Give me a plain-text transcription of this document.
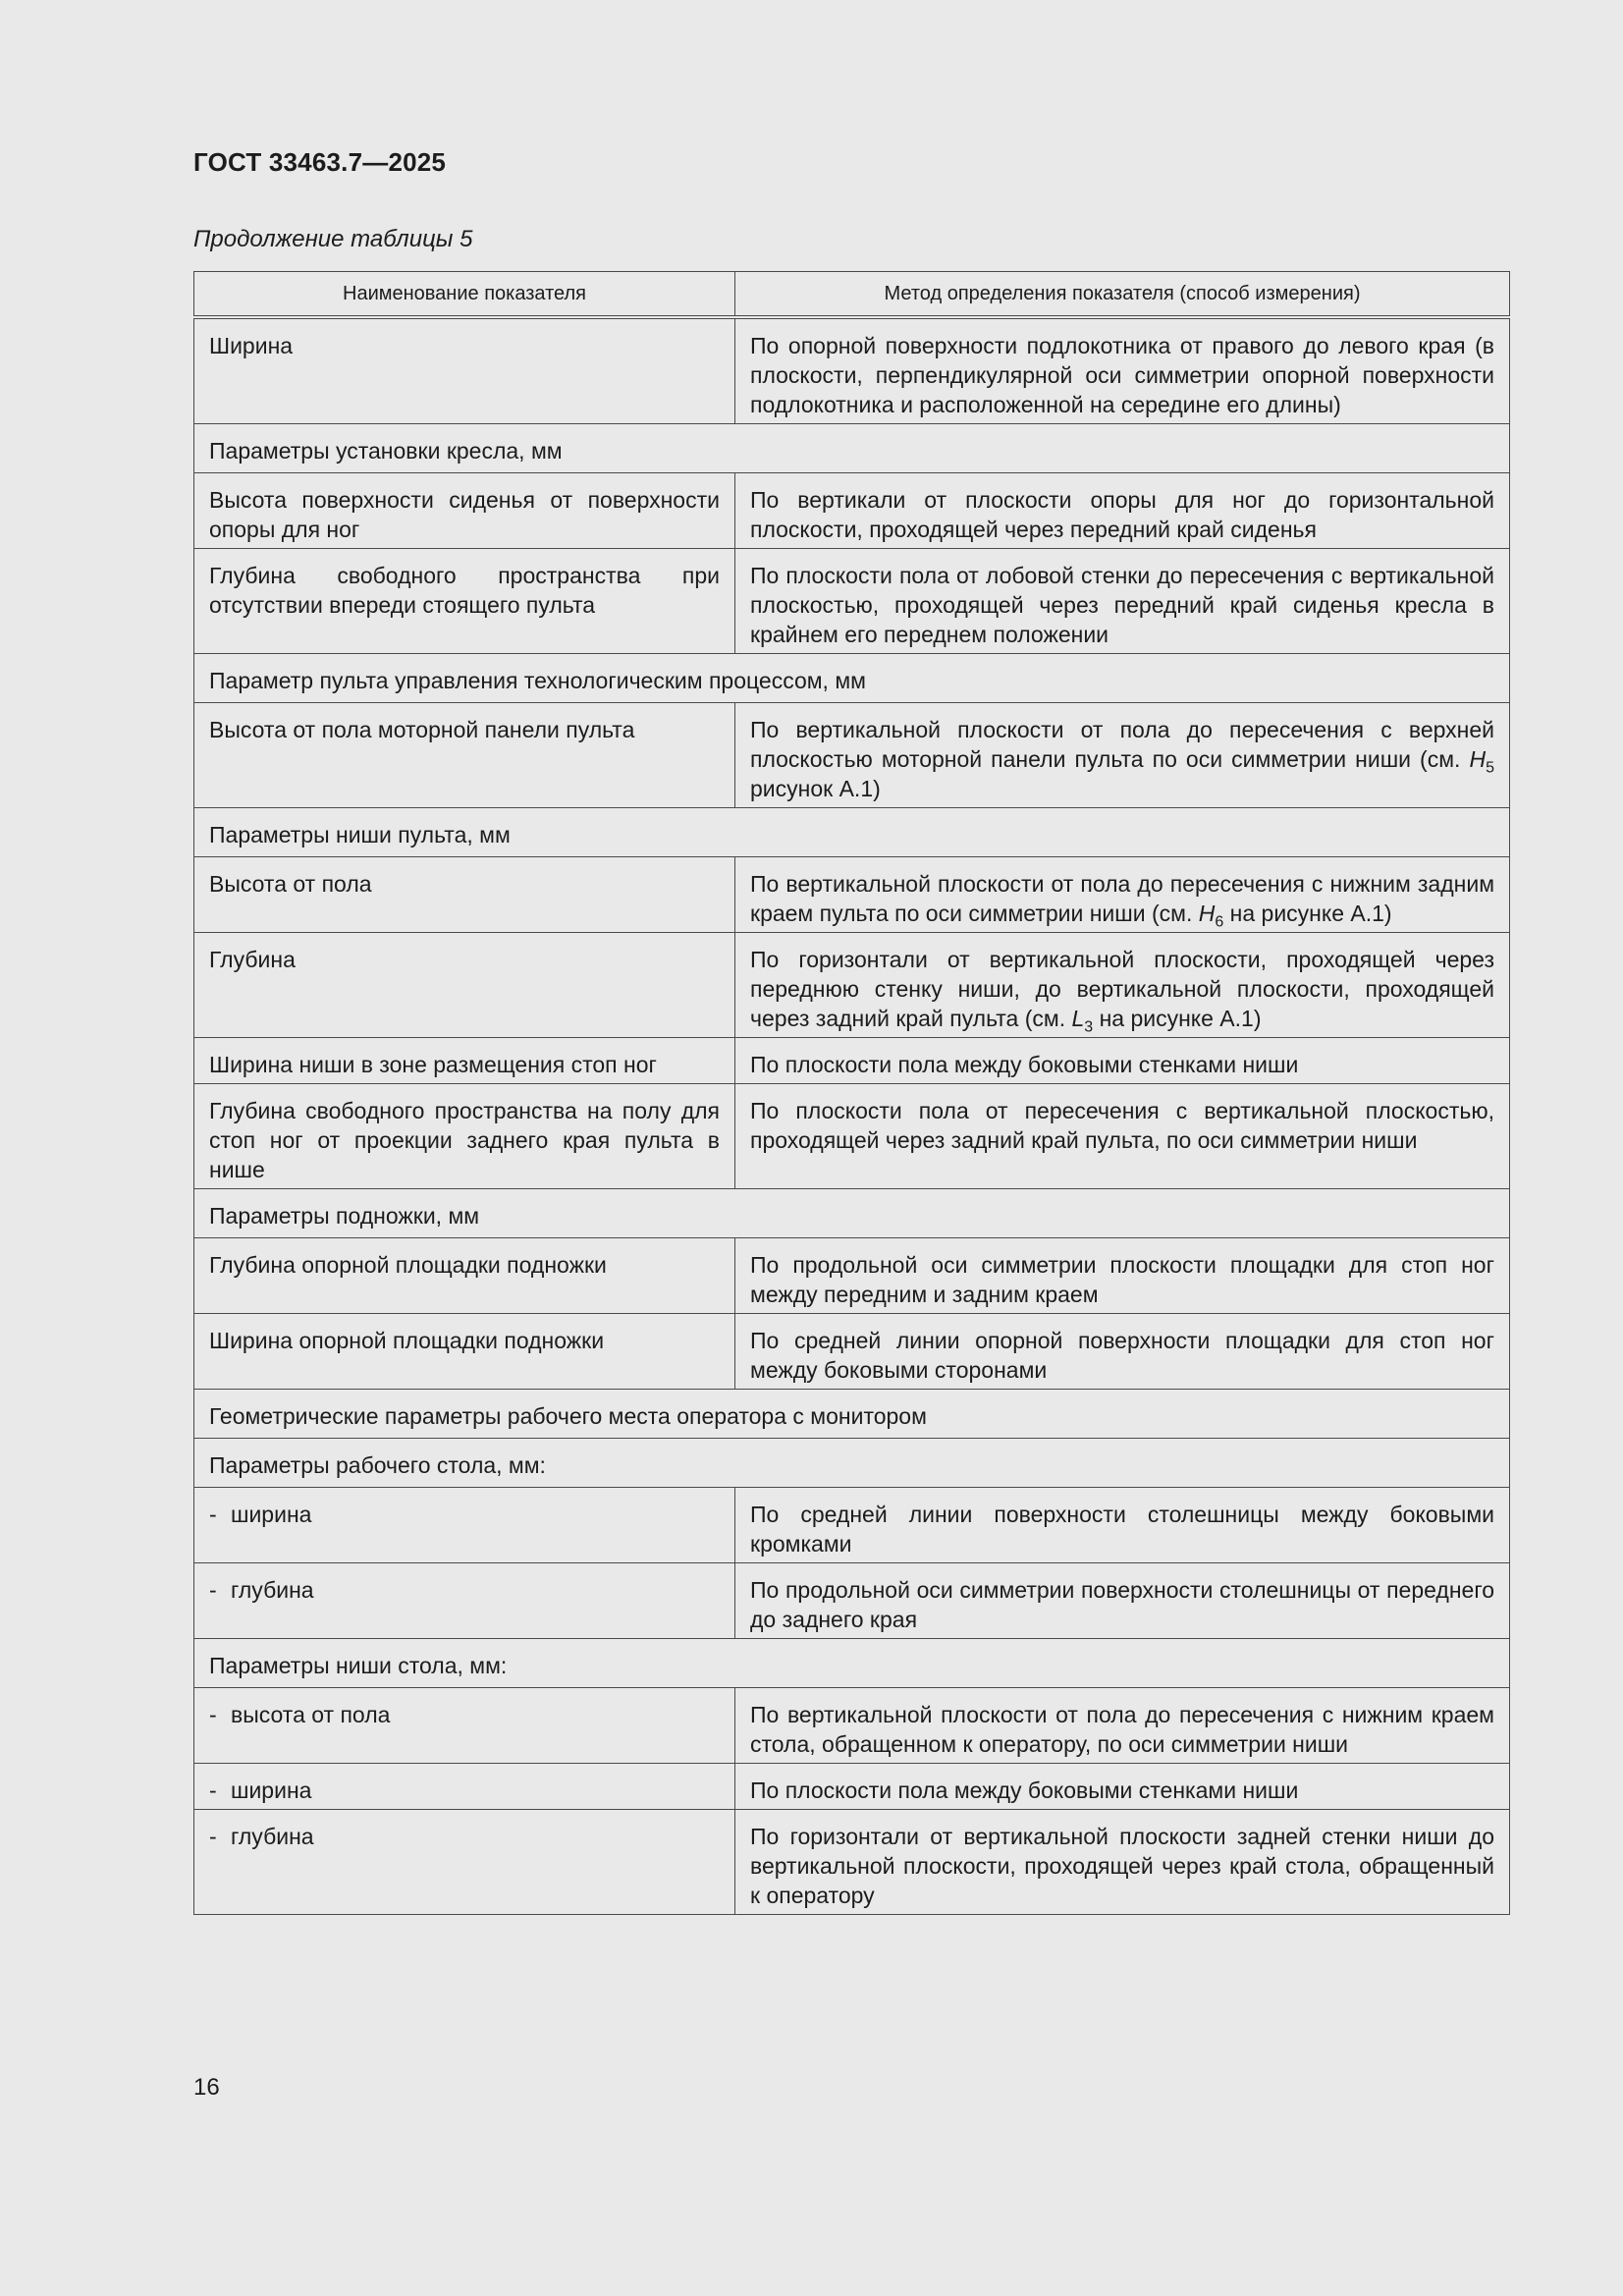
ГОСТ 33463.7—2025
Продолжение таблицы 5
Наименование показателя	Метод определения показателя (способ измерения)
Ширина	По опорной поверхности подлокотника от правого до левого края (в плоскости, перпендикулярной оси симметрии опорной поверхности подлокотника и расположенной на середине его длины)
Параметры установки кресла, мм	
Высота поверхности сиденья от поверхности опоры для ног	По вертикали от плоскости опоры для ног до горизонтальной плоскости, проходящей через передний край сиденья
Глубина свободного пространства при отсутствии впереди стоящего пульта	По плоскости пола от лобовой стенки до пересечения с вертикальной плоскостью, проходящей через передний край сиденья кресла в крайнем его переднем положении
Параметр пульта управления технологическим процессом, мм	
Высота от пола моторной панели пульта	По вертикальной плоскости от пола до пересечения с верхней плоскостью моторной панели пульта по оси симметрии ниши (см. $H_5$ рисунок А.1)
Параметры ниши пульта, мм	
Высота от пола	По вертикальной плоскости от пола до пересечения с нижним задним краем пульта по оси симметрии ниши (см. $H_6$ на рисунке А.1)
Глубина	По горизонтали от вертикальной плоскости, проходящей через переднюю стенку ниши, до вертикальной плоскости, проходящей через задний край пульта (см. $L_3$ на рисунке А.1)
Ширина ниши в зоне размещения стоп ног	По плоскости пола между боковыми стенками ниши
Глубина свободного пространства на полу для стоп ног от проекции заднего края пульта в нише	По плоскости пола от пересечения с вертикальной плоскостью, проходящей через задний край пульта, по оси симметрии ниши
Параметры подножки, мм	
Глубина опорной площадки подножки	По продольной оси симметрии плоскости площадки для стоп ног между передним и задним краем
Ширина опорной площадки подножки	По средней линии опорной поверхности площадки для стоп ног между боковыми сторонами
Геометрические параметры рабочего места оператора с монитором	
Параметры рабочего стола, мм:	
- ширина	По средней линии поверхности столешницы между боковыми кромками
- глубина	По продольной оси симметрии поверхности столешницы от переднего до заднего края
Параметры ниши стола, мм:	
- высота от пола	По вертикальной плоскости от пола до пересечения с нижним краем стола, обращенном к оператору, по оси симметрии ниши
- ширина	По плоскости пола между боковыми стенками ниши
- глубина	По горизонтали от вертикальной плоскости задней стенки ниши до вертикальной плоскости, проходящей через край стола, обращенный к оператору
16
